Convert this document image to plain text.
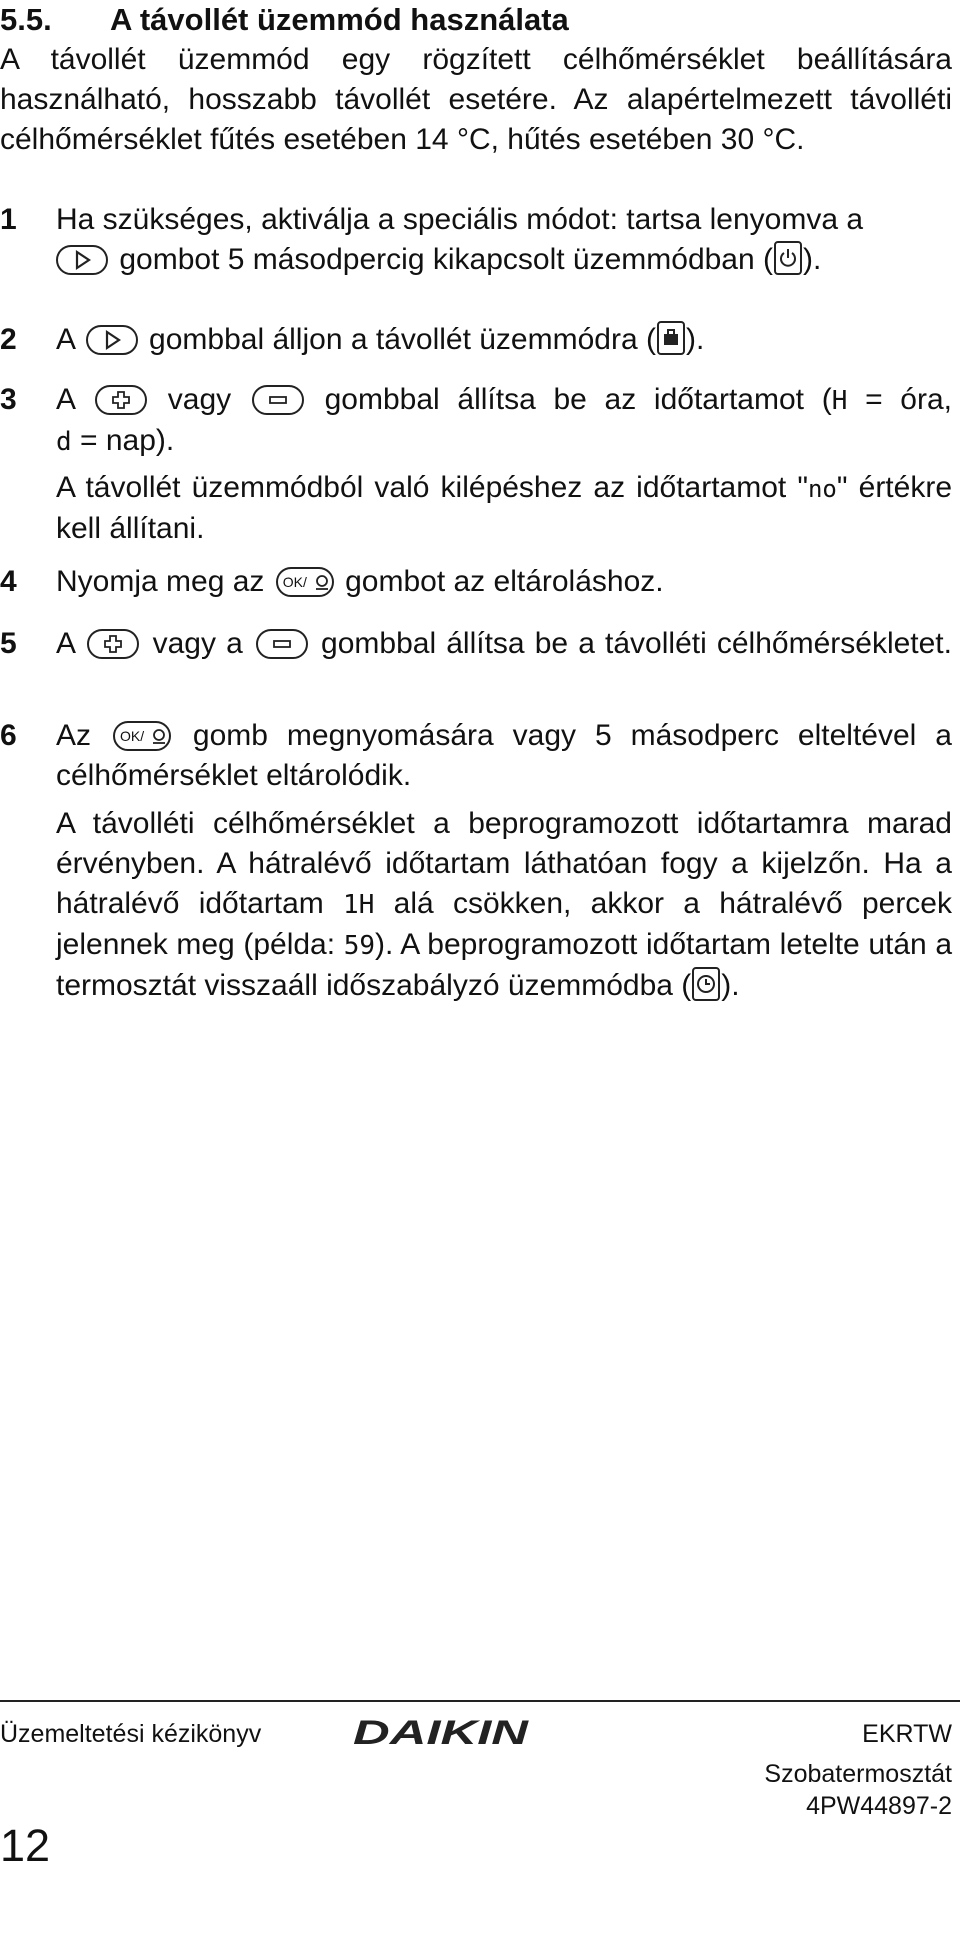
5.5. A távollét üzemmód használata
A távollét üzemmód egy rögzített célhőmérséklet beállítására használható, hosszabb távollét esetére. Az alapértelmezett távolléti célhőmérséklet fűtés esetében 14 °C, hűtés esetében 30 °C.
1 Ha szükséges, aktiválja a speciális módot: tartsa lenyomva a

gombot 5 másodpercig kikapcsolt üzemmódban ( ).
2 A gombbal álljon a távollét üzemmódra ( ).
3 A	vagy	gombbal állítsa be az időtartamot (H = óra,
d = nap).
A távollét üzemmódból való kilépéshez az időtartamot "no" értékre kell állítani.
4 Nyomja meg az OK/ gombot az eltároláshoz.
5 A	vagy a	gombbal állítsa be a távolléti célhőmérsékletet.
6 Az OK/ gomb megnyomására vagy 5 másodperc elteltével a célhőmérséklet eltárolódik.
A távolléti célhőmérséklet a beprogramozott időtartamra marad érvényben. A hátralévő időtartam láthatóan fogy a kijelzőn. Ha a hátralévő időtartam 1H alá csökken, akkor a hátralévő percek jelennek meg (példa: 59). A beprogramozott időtartam letelte után a termosztát visszaáll időszabályzó üzemmódba ( ).
Üzemeltetési kézikönyv
12
DAIKIN	EKRTW
Szobatermosztát
4PW44897-2
